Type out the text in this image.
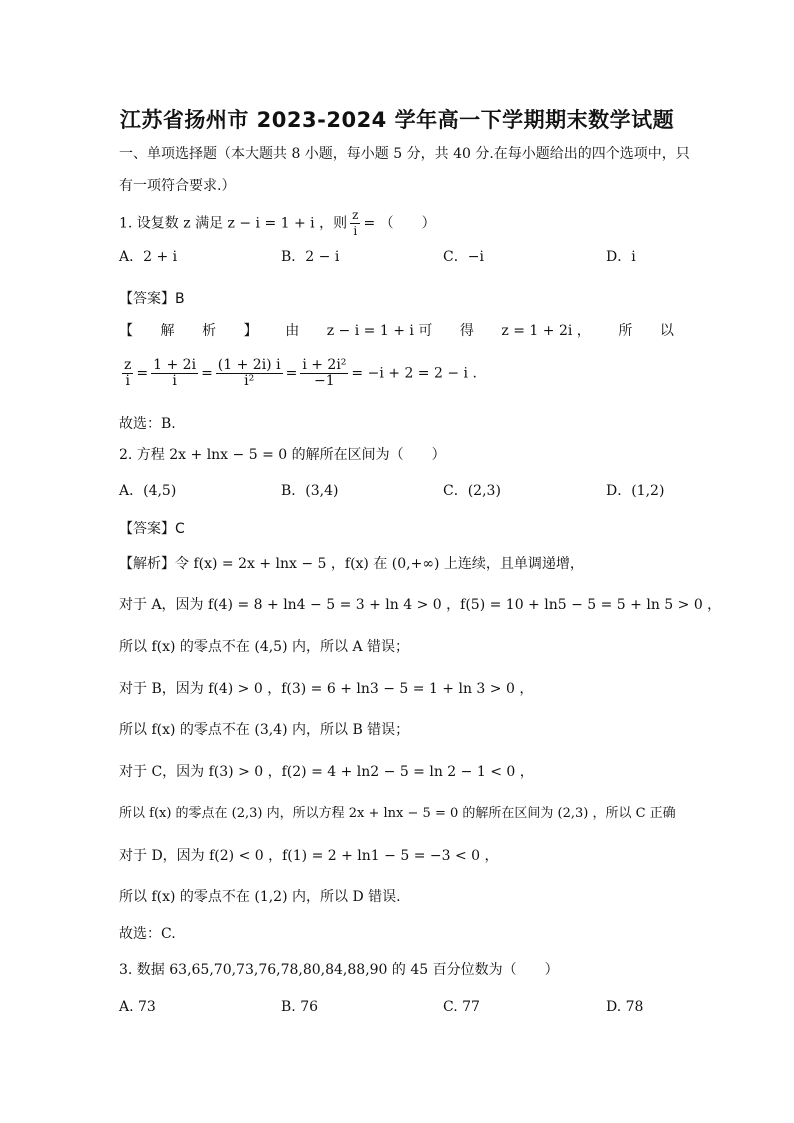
江苏省扬州市 2023-2024 学年高一下学期期末数学试题
一、单项选择题（本大题共 8 小题，每小题 5 分，共 40 分.在每小题给出的四个选项中，只
有一项符合要求.）
1. 设复数 z 满足 z − i = 1 + i ，则 $\frac{z}{i}$ = （　　）
A．2 + i	B．2 − i	C．−i	D．i
【答案】B
【 解 析 】 由 z − i = 1 + i 可 得 z = 1 + 2i ， 所 以
$\frac{z}{i} = \frac{1 + 2i}{i} = \frac{(1 + 2i) i}{\text{i²}} = \frac{\text{i + 2i²}}{-1} = -i + 2 = 2 - i$ .
故选：B.
2. 方程 2x + lnx − 5 = 0 的解所在区间为（　　）
A．(4,5)	B．(3,4)	C．(2,3)	D．(1,2)
【答案】C
【解析】令 f(x) = 2x + lnx − 5 ，f(x) 在 (0,+∞) 上连续，且单调递增，
对于 A，因为 f(4) = 8 + ln4 − 5 = 3 + ln 4 > 0 ，f(5) = 10 + ln5 − 5 = 5 + ln 5 > 0 ，
所以 f(x) 的零点不在 (4,5) 内，所以 A 错误；
对于 B，因为 f(4) > 0 ，f(3) = 6 + ln3 − 5 = 1 + ln 3 > 0 ，
所以 f(x) 的零点不在 (3,4) 内，所以 B 错误；
对于 C，因为 f(3) > 0 ，f(2) = 4 + ln2 − 5 = ln 2 − 1 < 0 ，
所以 f(x) 的零点在 (2,3) 内，所以方程 2x + lnx − 5 = 0 的解所在区间为 (2,3) ，所以 C 正确
对于 D，因为 f(2) < 0 ，f(1) = 2 + ln1 − 5 = −3 < 0 ，
所以 f(x) 的零点不在 (1,2) 内，所以 D 错误.
故选：C.
3. 数据 63,65,70,73,76,78,80,84,88,90 的 45 百分位数为（　　）
A. 73	B. 76	C. 77	D. 78
